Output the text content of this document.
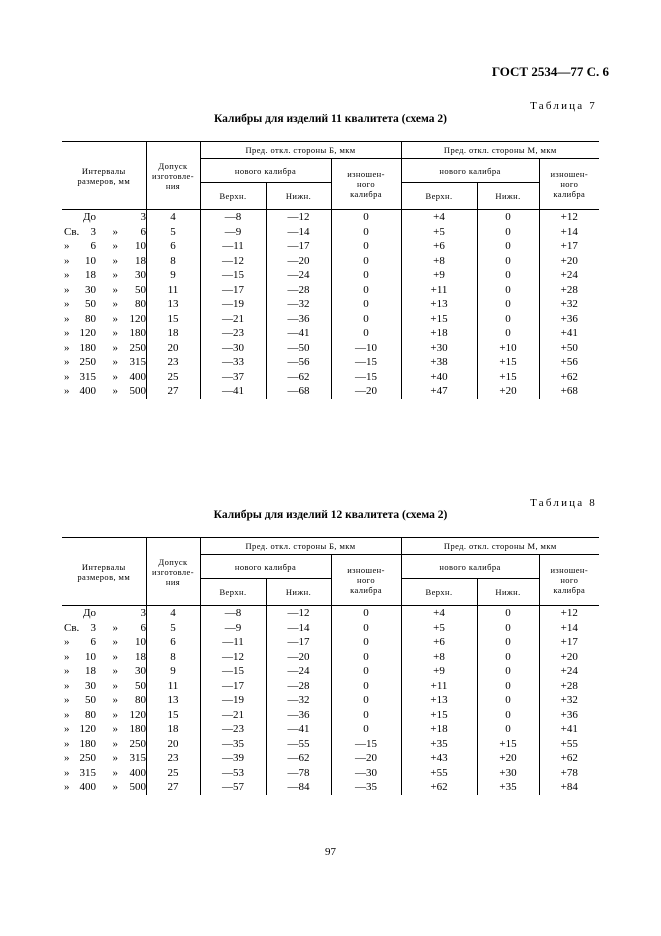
ГОСТ 2534—77 С. 6
Таблица 7
Калибры для изделий 11 квалитета (схема 2)
Интервалы
размеров, мм	Допуск
изготовле-
ния	Пред. откл. стороны Б, мкм			Пред. откл. стороны М, мкм		
		нового калибра		изношен-
ного
калибра	нового калибра		изношен-
ного
калибра
		Верхн.	Нижн.		Верхн.	Нижн.	
До 3	4	—8	—12	0	+4	0	+12
Св. 3 » 6	5	—9	—14	0	+5	0	+14
» 6 » 10	6	—11	—17	0	+6	0	+17
» 10 » 18	8	—12	—20	0	+8	0	+20
» 18 » 30	9	—15	—24	0	+9	0	+24
» 30 » 50	11	—17	—28	0	+11	0	+28
» 50 » 80	13	—19	—32	0	+13	0	+32
» 80 » 120	15	—21	—36	0	+15	0	+36
» 120 » 180	18	—23	—41	0	+18	0	+41
» 180 » 250	20	—30	—50	—10	+30	+10	+50
» 250 » 315	23	—33	—56	—15	+38	+15	+56
» 315 » 400	25	—37	—62	—15	+40	+15	+62
» 400 » 500	27	—41	—68	—20	+47	+20	+68
Таблица 8
Калибры для изделий 12 квалитета (схема 2)
Интервалы
размеров, мм	Допуск
изготовле-
ния	Пред. откл. стороны Б, мкм			Пред. откл. стороны М, мкм		
		нового калибра		изношен-
ного
калибра	нового калибра		изношен-
ного
калибра
		Верхн.	Нижн.		Верхн.	Нижн.	
До 3	4	—8	—12	0	+4	0	+12
Св. 3 » 6	5	—9	—14	0	+5	0	+14
» 6 » 10	6	—11	—17	0	+6	0	+17
» 10 » 18	8	—12	—20	0	+8	0	+20
» 18 » 30	9	—15	—24	0	+9	0	+24
» 30 » 50	11	—17	—28	0	+11	0	+28
» 50 » 80	13	—19	—32	0	+13	0	+32
» 80 » 120	15	—21	—36	0	+15	0	+36
» 120 » 180	18	—23	—41	0	+18	0	+41
» 180 » 250	20	—35	—55	—15	+35	+15	+55
» 250 » 315	23	—39	—62	—20	+43	+20	+62
» 315 » 400	25	—53	—78	—30	+55	+30	+78
» 400 » 500	27	—57	—84	—35	+62	+35	+84
97
